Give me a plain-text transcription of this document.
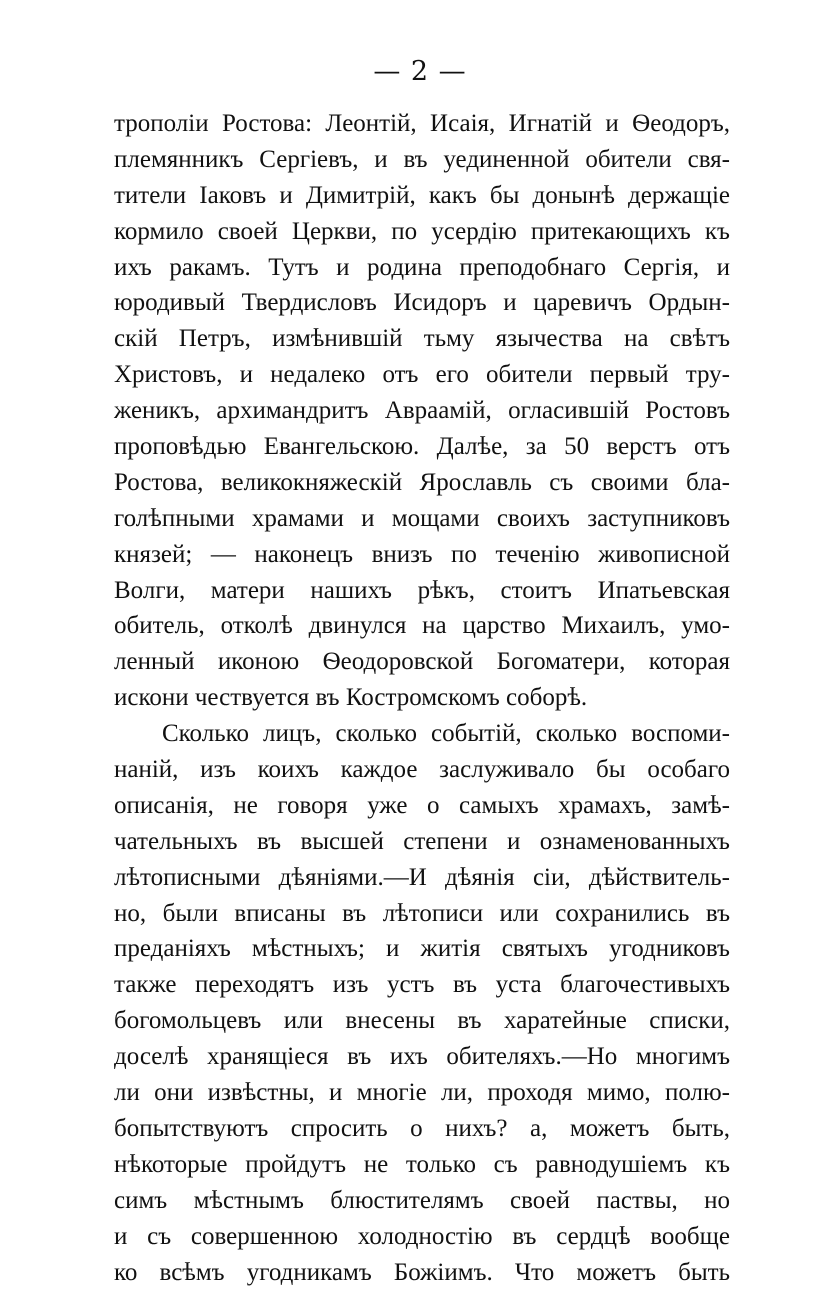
— 2 —
трополіи Ростова: Леонтій, Исаія, Игнатій и Ѳеодоръ,
племянникъ Сергіевъ, и въ уединенной обители свя-
тители Іаковъ и Димитрій, какъ бы донынѣ держащіе
кормило своей Церкви, по усердію притекающихъ къ
ихъ ракамъ. Тутъ и родина преподобнаго Сергія, и
юродивый Твердисловъ Исидоръ и царевичъ Ордын-
скій Петръ, измѣнившій тьму язычества на свѣтъ
Христовъ, и недалеко отъ его обители первый тру-
женикъ, архимандритъ Авраамій, огласившій Ростовъ
проповѣдью Евангельскою. Далѣе, за 50 верстъ отъ
Ростова, великокняжескій Ярославль съ своими бла-
голѣпными храмами и мощами своихъ заступниковъ
князей; — наконецъ внизъ по теченію живописной
Волги, матери нашихъ рѣкъ, стоитъ Ипатьевская
обитель, отколѣ двинулся на царство Михаилъ, умо-
ленный иконою Ѳеодоровской Богоматери, которая
искони чествуется въ Костромскомъ соборѣ.
Сколько лицъ, сколько событій, сколько воспоми-
наній, изъ коихъ каждое заслуживало бы особаго
описанія, не говоря уже о самыхъ храмахъ, замѣ-
чательныхъ въ высшей степени и ознаменованныхъ
лѣтописными дѣяніями.—И дѣянія сіи, дѣйствитель-
но, были вписаны въ лѣтописи или сохранились въ
преданіяхъ мѣстныхъ; и житія святыхъ угодниковъ
также переходятъ изъ устъ въ уста благочестивыхъ
богомольцевъ или внесены въ харатейные списки,
доселѣ хранящіеся въ ихъ обителяхъ.—Но многимъ
ли они извѣстны, и многіе ли, проходя мимо, полю-
бопытствуютъ спросить о нихъ? а, можетъ быть,
нѣкоторые пройдутъ не только съ равнодушіемъ къ
симъ мѣстнымъ блюстителямъ своей паствы, но
и съ совершенною холодностію въ сердцѣ вообще
ко всѣмъ угодникамъ Божіимъ. Что можетъ быть
